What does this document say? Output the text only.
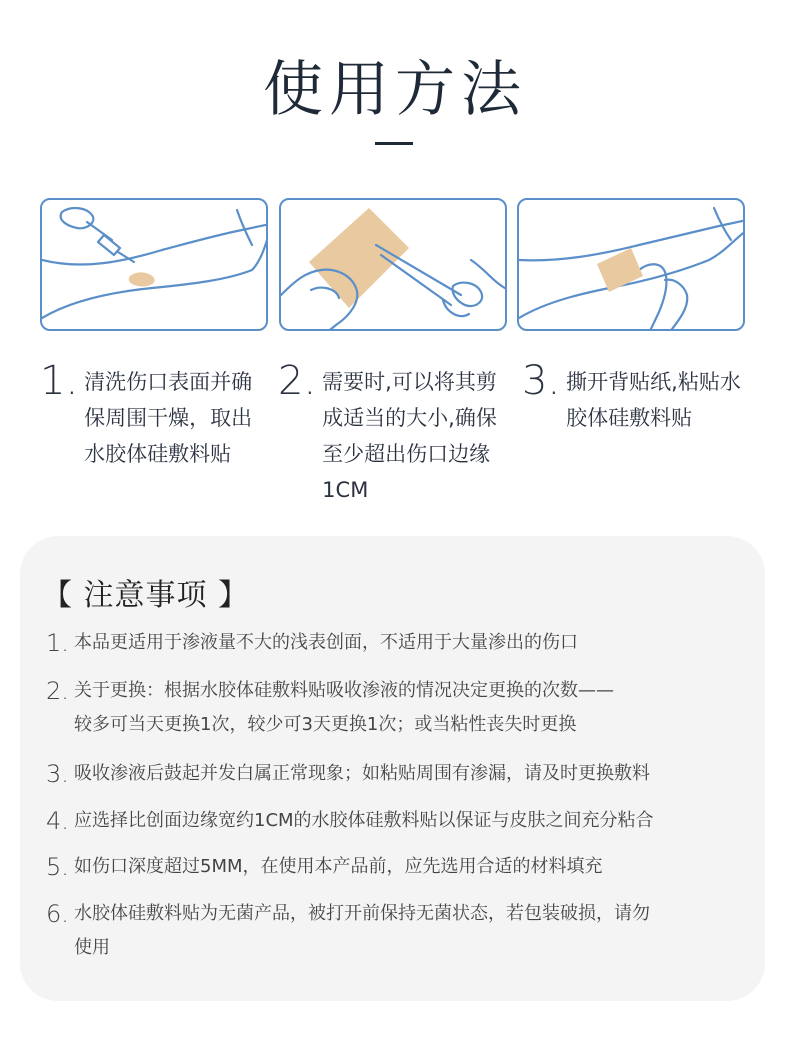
使用方法
1. 清洗伤口表面并确
保周围干燥，取出
水胶体硅敷料贴
2. 需要时,可以将其剪
成适当的大小,确保
至少超出伤口边缘
1CM
3. 撕开背贴纸,粘贴水
胶体硅敷料贴
【 注意事项 】
1. 本品更适用于渗液量不大的浅表创面，不适用于大量渗出的伤口
2. 关于更换：根据水胶体硅敷料贴吸收渗液的情况决定更换的次数——
较多可当天更换1次，较少可3天更换1次；或当粘性丧失时更换
3. 吸收渗液后鼓起并发白属正常现象；如粘贴周围有渗漏，请及时更换敷料
4. 应选择比创面边缘宽约1CM的水胶体硅敷料贴以保证与皮肤之间充分粘合
5. 如伤口深度超过5MM，在使用本产品前，应先选用合适的材料填充
6. 水胶体硅敷料贴为无菌产品，被打开前保持无菌状态，若包装破损，请勿
使用
